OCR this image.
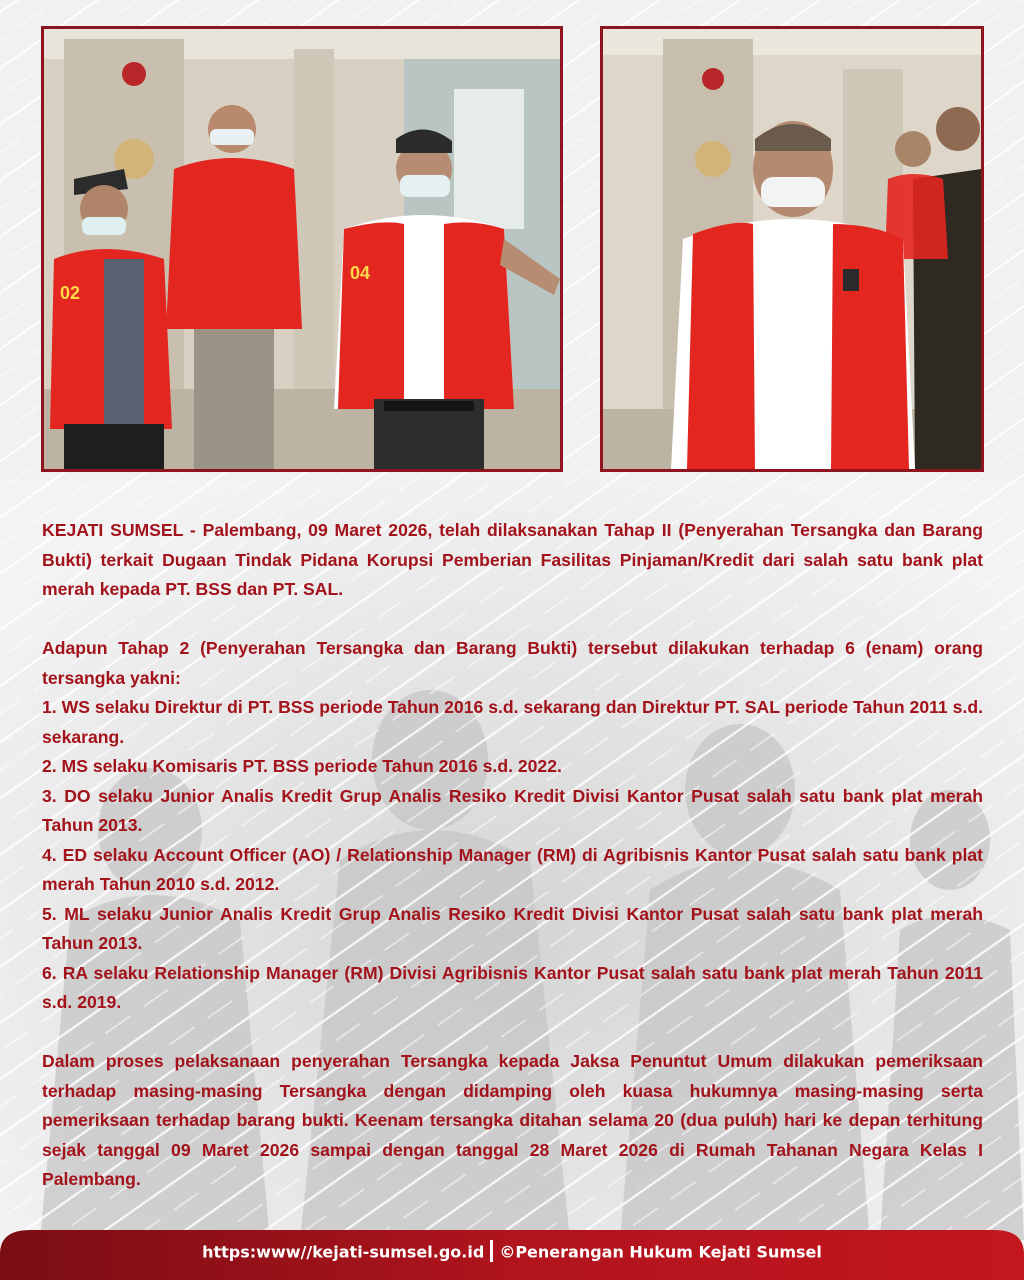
02
04

KEJATI SUMSEL - Palembang, 09 Maret 2026, telah dilaksanakan Tahap II (Penyerahan Tersangka dan Barang Bukti) terkait Dugaan Tindak Pidana Korupsi Pemberian Fasilitas Pinjaman/Kredit dari salah satu bank plat merah kepada PT. BSS dan PT. SAL.

Adapun Tahap 2 (Penyerahan Tersangka dan Barang Bukti) tersebut dilakukan terhadap 6 (enam) orang tersangka yakni:

1. WS selaku Direktur di PT. BSS periode Tahun 2016 s.d. sekarang dan Direktur PT. SAL periode Tahun 2011 s.d. sekarang.
2. MS selaku Komisaris PT. BSS periode Tahun 2016 s.d. 2022.
3. DO selaku Junior Analis Kredit Grup Analis Resiko Kredit Divisi Kantor Pusat salah satu bank plat merah Tahun 2013.
4. ED selaku Account Officer (AO) / Relationship Manager (RM) di Agribisnis Kantor Pusat salah satu bank plat merah Tahun 2010 s.d. 2012.
5. ML selaku Junior Analis Kredit Grup Analis Resiko Kredit Divisi Kantor Pusat salah satu bank plat merah Tahun 2013.
6. RA selaku Relationship Manager (RM) Divisi Agribisnis Kantor Pusat salah satu bank plat merah Tahun 2011 s.d. 2019.

Dalam proses pelaksanaan penyerahan Tersangka kepada Jaksa Penuntut Umum dilakukan pemeriksaan terhadap masing-masing Tersangka dengan didamping oleh kuasa hukumnya masing-masing serta pemeriksaan terhadap barang bukti. Keenam tersangka ditahan selama 20 (dua puluh) hari ke depan terhitung sejak tanggal 09 Maret 2026 sampai dengan tanggal 28 Maret 2026 di Rumah Tahanan Negara Kelas I Palembang.

https:www//kejati-sumsel.go.id ©Penerangan Hukum Kejati Sumsel
